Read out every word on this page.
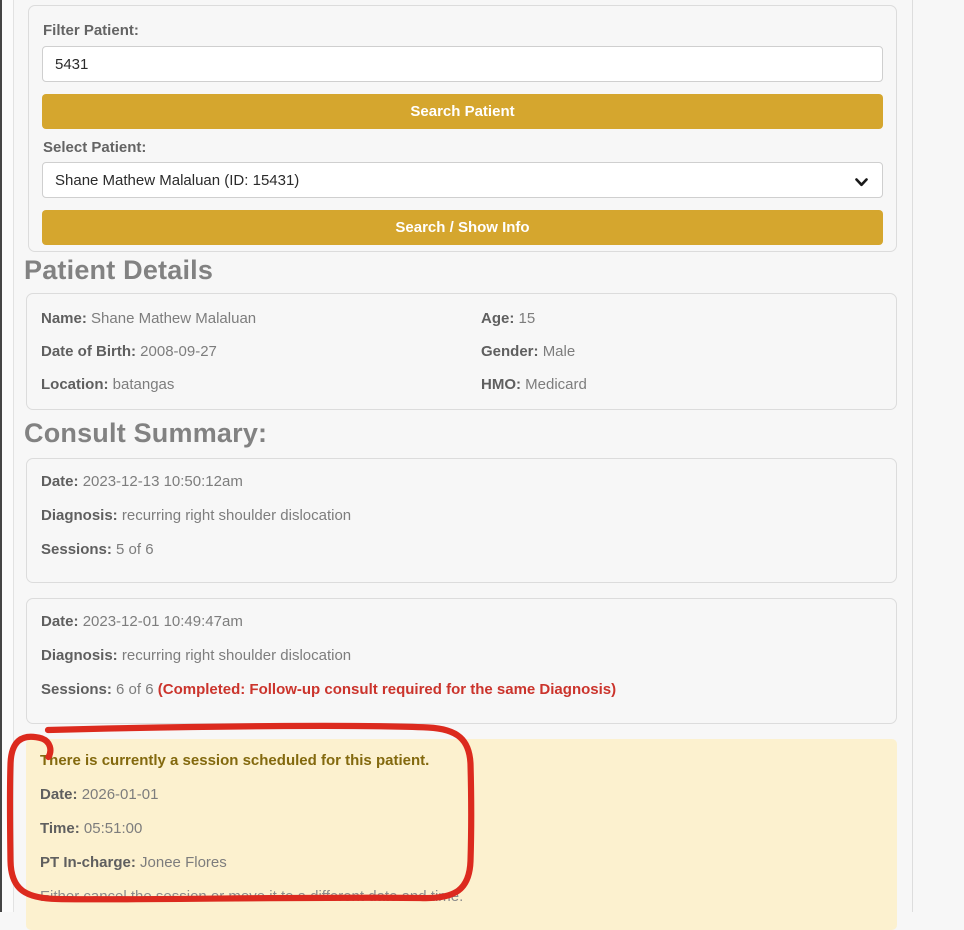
Filter Patient:
5431
Search Patient
Select Patient:
Shane Mathew Malaluan (ID: 15431)
Search / Show Info
Patient Details
Name: Shane Mathew Malaluan	Age: 15
Date of Birth: 2008-09-27	Gender: Male
Location: batangas	HMO: Medicard
Consult Summary:
Date: 2023-12-13 10:50:12am
Diagnosis: recurring right shoulder dislocation
Sessions: 5 of 6
Date: 2023-12-01 10:49:47am
Diagnosis: recurring right shoulder dislocation
Sessions: 6 of 6 (Completed: Follow-up consult required for the same Diagnosis)
There is currently a session scheduled for this patient.
Date: 2026-01-01
Time: 05:51:00
PT In-charge: Jonee Flores
Either cancel the session or move it to a different date and time.
